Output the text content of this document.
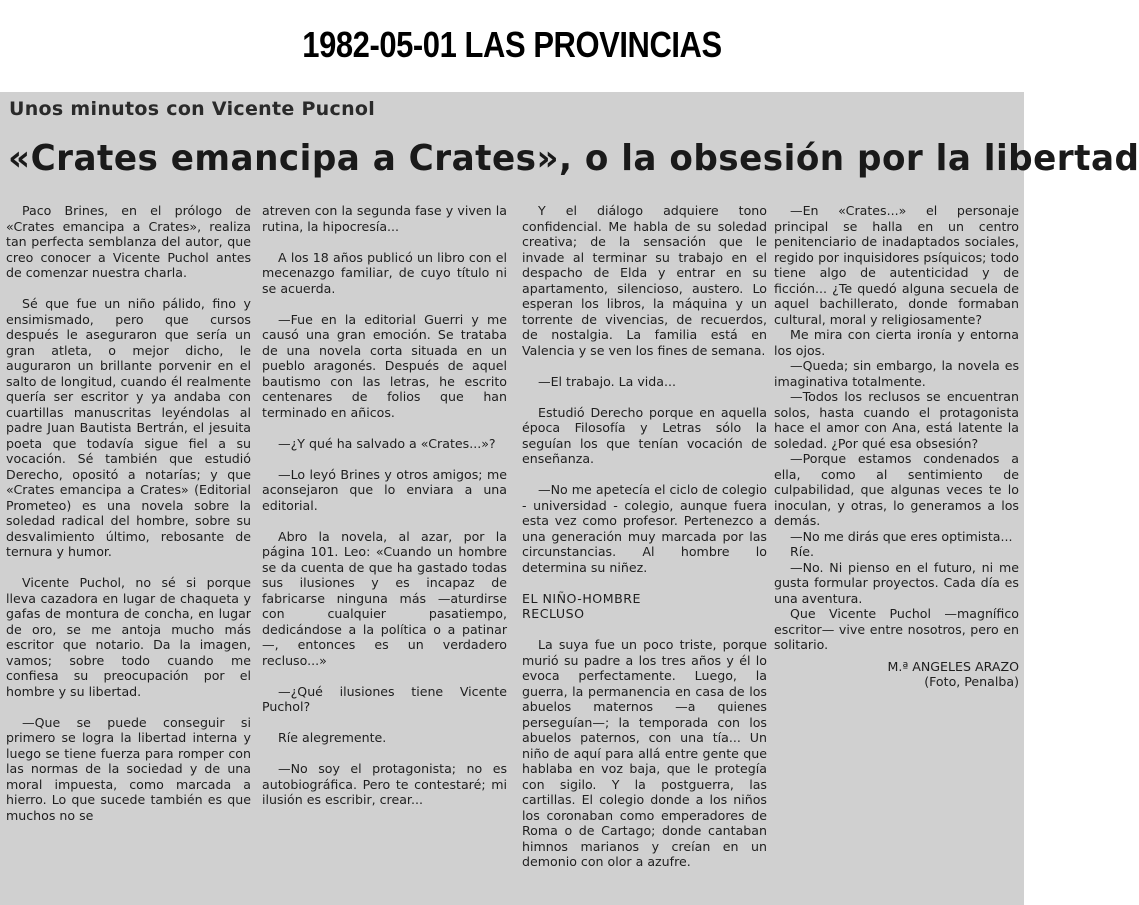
1982-05-01 LAS PROVINCIAS
Unos minutos con Vicente Pucnol
«Crates emancipa a Crates», o la obsesión por la libertad

Paco Brines, en el prólogo de «Crates emancipa a Crates», realiza tan perfecta semblanza del autor, que creo conocer a Vicente Puchol antes de comenzar nuestra charla.

Sé que fue un niño pálido, fino y ensimismado, pero que cursos después le aseguraron que sería un gran atleta, o mejor dicho, le auguraron un brillante porvenir en el salto de longitud, cuando él realmente quería ser escritor y ya andaba con cuartillas manuscritas leyéndolas al padre Juan Bautista Bertrán, el jesuita poeta que todavía sigue fiel a su vocación. Sé también que estudió Derecho, opositó a notarías; y que «Crates emancipa a Crates» (Editorial Prometeo) es una novela sobre la soledad radical del hombre, sobre su desvalimiento último, rebosante de ternura y humor.

Vicente Puchol, no sé si porque lleva cazadora en lugar de chaqueta y gafas de montura de concha, en lugar de oro, se me antoja mucho más escritor que notario. Da la imagen, vamos; sobre todo cuando me confiesa su preocupación por el hombre y su libertad.

—Que se puede conseguir si primero se logra la libertad interna y luego se tiene fuerza para romper con las normas de la sociedad y de una moral impuesta, como marcada a hierro. Lo que sucede también es que muchos no se

atreven con la segunda fase y viven la rutina, la hipocresía...

A los 18 años publicó un libro con el mecenazgo familiar, de cuyo título ni se acuerda.

—Fue en la editorial Guerri y me causó una gran emoción. Se trataba de una novela corta situada en un pueblo aragonés. Después de aquel bautismo con las letras, he escrito centenares de folios que han terminado en añicos.

—¿Y qué ha salvado a «Crates...»?

—Lo leyó Brines y otros amigos; me aconsejaron que lo enviara a una editorial.

Abro la novela, al azar, por la página 101. Leo: «Cuando un hombre se da cuenta de que ha gastado todas sus ilusiones y es incapaz de fabricarse ninguna más —aturdirse con cualquier pasatiempo, dedicándose a la política o a patinar—, entonces es un verdadero recluso...»

—¿Qué ilusiones tiene Vicente Puchol?

Ríe alegremente.

—No soy el protagonista; no es autobiográfica. Pero te contestaré; mi ilusión es escribir, crear...

Y el diálogo adquiere tono confidencial. Me habla de su soledad creativa; de la sensación que le invade al terminar su trabajo en el despacho de Elda y entrar en su apartamento, silencioso, austero. Lo esperan los libros, la máquina y un torrente de vivencias, de recuerdos, de nostalgia. La familia está en Valencia y se ven los fines de semana.

—El trabajo. La vida...

Estudió Derecho porque en aquella época Filosofía y Letras sólo la seguían los que tenían vocación de enseñanza.

—No me apetecía el ciclo de colegio - universidad - colegio, aunque fuera esta vez como profesor. Pertenezco a una generación muy marcada por las circunstancias. Al hombre lo determina su niñez.

EL NIÑO-HOMBRE
RECLUSO

La suya fue un poco triste, porque murió su padre a los tres años y él lo evoca perfectamente. Luego, la guerra, la permanencia en casa de los abuelos maternos —a quienes perseguían—; la temporada con los abuelos paternos, con una tía... Un niño de aquí para allá entre gente que hablaba en voz baja, que le protegía con sigilo. Y la postguerra, las cartillas. El colegio donde a los niños los coronaban como emperadores de Roma o de Cartago; donde cantaban himnos marianos y creían en un demonio con olor a azufre.

—En «Crates...» el personaje principal se halla en un centro penitenciario de inadaptados sociales, regido por inquisidores psíquicos; todo tiene algo de autenticidad y de ficción... ¿Te quedó alguna secuela de aquel bachillerato, donde formaban cultural, moral y religiosamente?

Me mira con cierta ironía y entorna los ojos.

—Queda; sin embargo, la novela es imaginativa totalmente.

—Todos los reclusos se encuentran solos, hasta cuando el protagonista hace el amor con Ana, está latente la soledad. ¿Por qué esa obsesión?

—Porque estamos condenados a ella, como al sentimiento de culpabilidad, que algunas veces te lo inoculan, y otras, lo generamos a los demás.

—No me dirás que eres optimista...

Ríe.

—No. Ni pienso en el futuro, ni me gusta formular proyectos. Cada día es una aventura.

Que Vicente Puchol —magnífico escritor— vive entre nosotros, pero en solitario.

M.ª ANGELES ARAZO

(Foto, Penalba)
